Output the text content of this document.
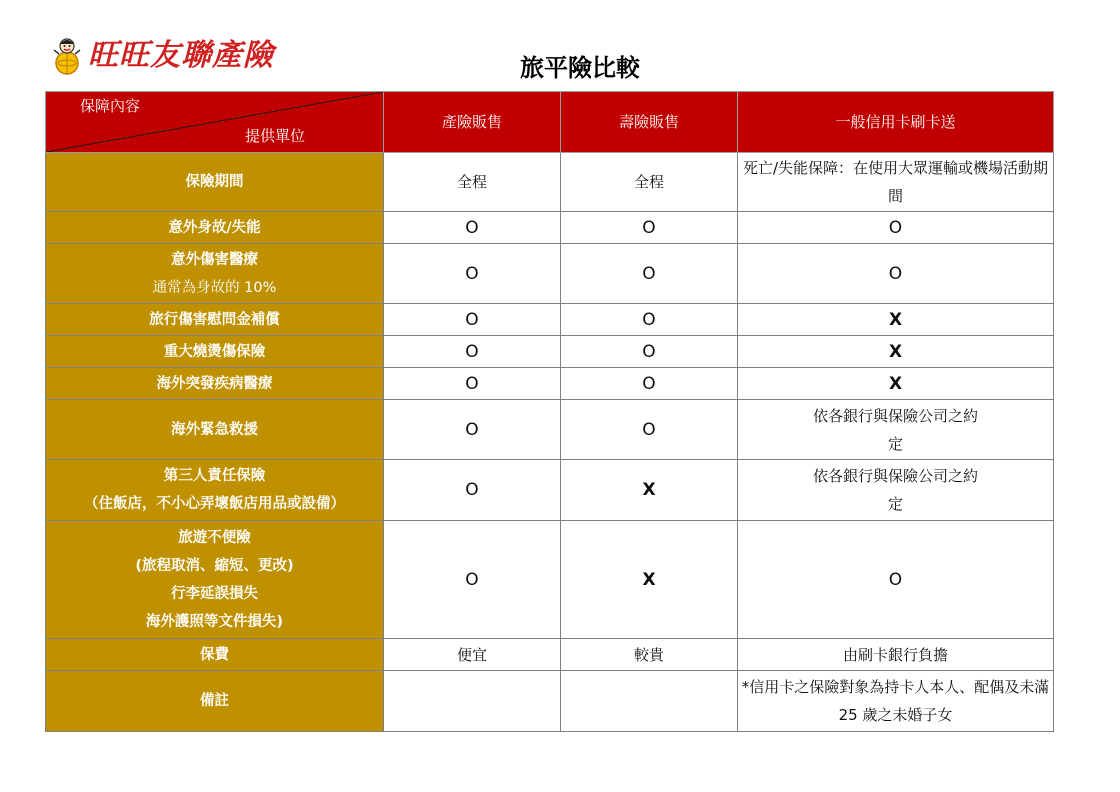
旺旺友聯產險	旅平險比較
保障內容
提供單位	產險販售	壽險販售	一般信用卡刷卡送

保險期間	全程	全程	死亡/失能保障：在使用大眾運輸或機場活動期間

意外身故/失能	O	O	O

意外傷害醫療
通常為身故的 10%	O	O	O

旅行傷害慰問金補償	O	O	X

重大燒燙傷保險	O	O	X

海外突發疾病醫療	O	O	X

海外緊急救援	O	O	依各銀行與保險公司之約定

第三人責任保險
（住飯店，不小心弄壞飯店用品或設備）	O	X	依各銀行與保險公司之約定

旅遊不便險
(旅程取消、縮短、更改)
行李延誤損失
海外護照等文件損失)	O	X	O

保費	便宜	較貴	由刷卡銀行負擔

備註			*信用卡之保險對象為持卡人本人、配偶及未滿 25 歲之未婚子女
